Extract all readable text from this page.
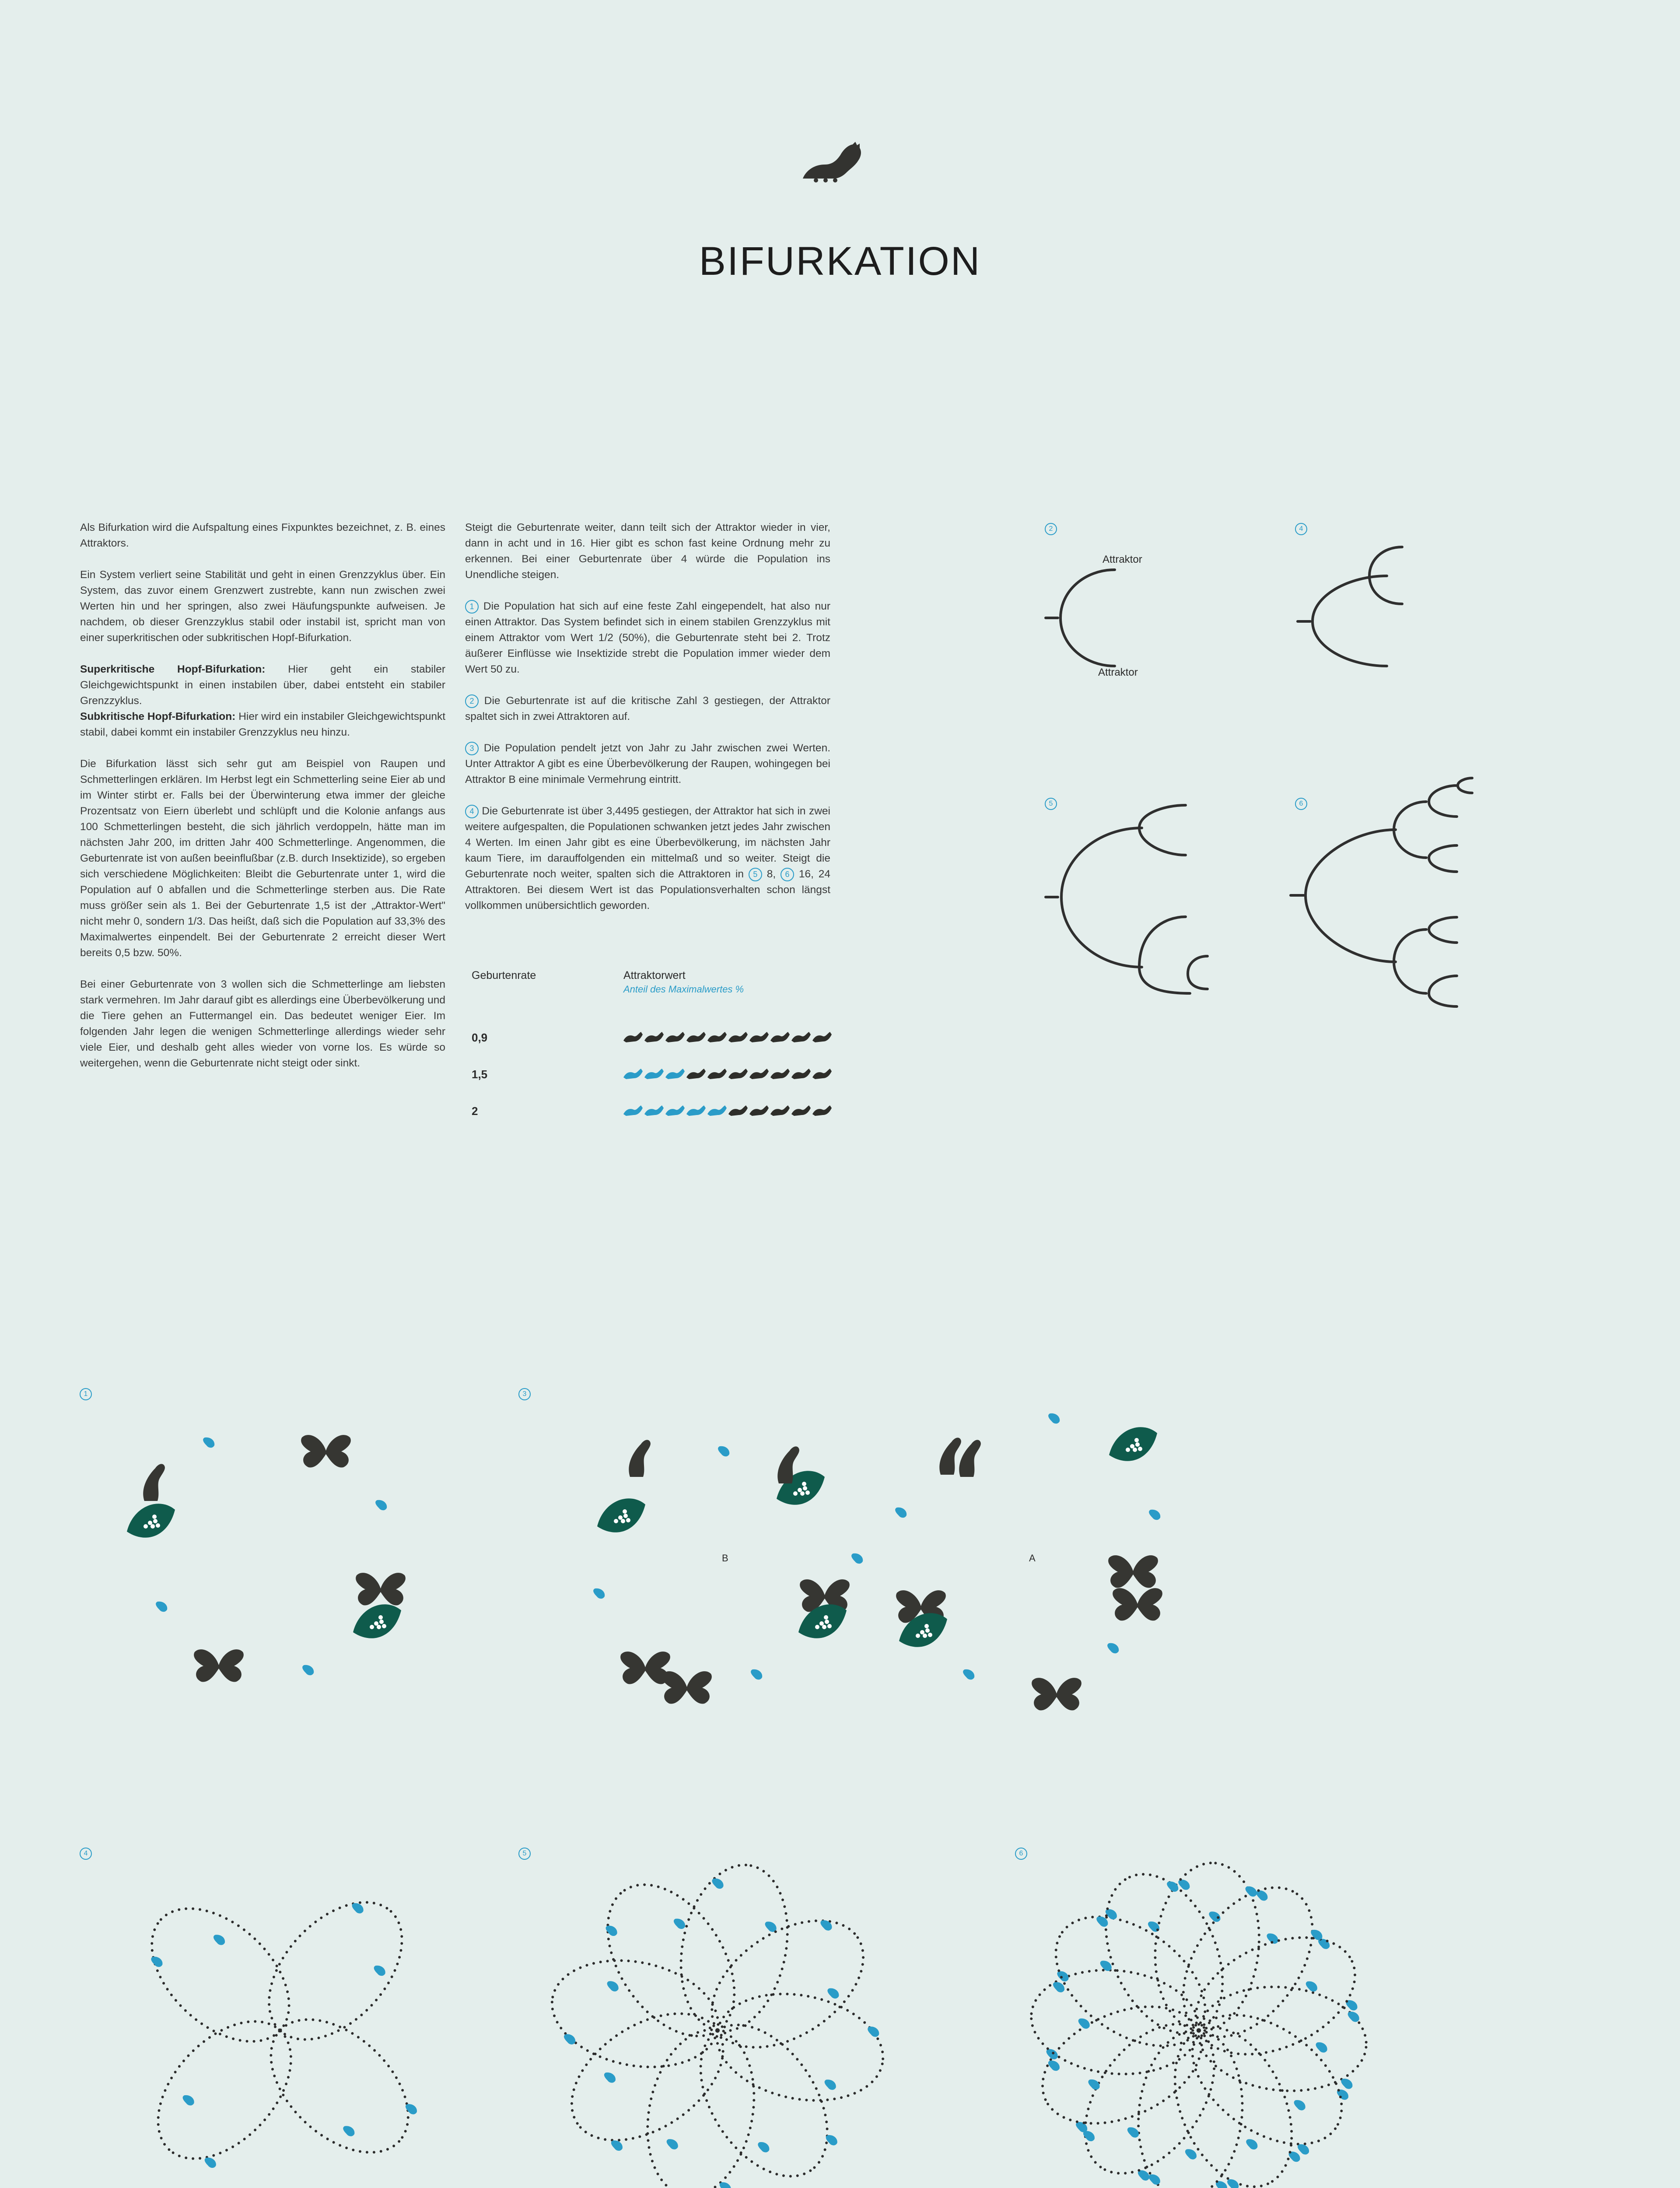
BIFURKATION

Als Bifurkation wird die Aufspaltung eines Fixpunktes bezeichnet, z. B. eines Attraktors.

Ein System verliert seine Stabilität und geht in einen Grenzzyklus über. Ein System, das zuvor einem Grenzwert zustrebte, kann nun zwischen zwei Werten hin und her springen, also zwei Häufungspunkte aufweisen. Je nachdem, ob dieser Grenzzyklus stabil oder instabil ist, spricht man von einer superkritischen oder subkritischen Hopf-Bifurkation.

Superkritische Hopf-Bifurkation: Hier geht ein stabiler Gleichgewichtspunkt in einen instabilen über, dabei entsteht ein stabiler Grenzzyklus.
Subkritische Hopf-Bifurkation: Hier wird ein instabiler Gleichgewichtspunkt stabil, dabei kommt ein instabiler Grenzzyklus neu hinzu.

Die Bifurkation lässt sich sehr gut am Beispiel von Raupen und Schmetterlingen erklären. Im Herbst legt ein Schmetterling seine Eier ab und im Winter stirbt er. Falls bei der Überwinterung etwa immer der gleiche Prozentsatz von Eiern überlebt und schlüpft und die Kolonie anfangs aus 100 Schmetterlingen besteht, die sich jährlich verdoppeln, hätte man im nächsten Jahr 200, im dritten Jahr 400 Schmetterlinge. Angenommen, die Geburtenrate ist von außen beeinflußbar (z.B. durch Insektizide), so ergeben sich verschiedene Möglichkeiten: Bleibt die Geburtenrate unter 1, wird die Population auf 0 abfallen und die Schmetterlinge sterben aus. Die Rate muss größer sein als 1. Bei der Geburtenrate 1,5 ist der „Attraktor-Wert" nicht mehr 0, sondern 1/3. Das heißt, daß sich die Population auf 33,3% des Maximalwertes einpendelt. Bei der Geburtenrate 2 erreicht dieser Wert bereits 0,5 bzw. 50%.

Bei einer Geburtenrate von 3 wollen sich die Schmetterlinge am liebsten stark vermehren. Im Jahr darauf gibt es allerdings eine Überbevölkerung und die Tiere gehen an Futtermangel ein. Das bedeutet weniger Eier. Im folgenden Jahr legen die wenigen Schmetterlinge allerdings wieder sehr viele Eier, und deshalb geht alles wieder von vorne los. Es würde so weitergehen, wenn die Geburtenrate nicht steigt oder sinkt.

Steigt die Geburtenrate weiter, dann teilt sich der Attraktor wieder in vier, dann in acht und in 16. Hier gibt es schon fast keine Ordnung mehr zu erkennen. Bei einer Geburtenrate über 4 würde die Population ins Unendliche steigen.

1 Die Population hat sich auf eine feste Zahl eingependelt, hat also nur einen Attraktor. Das System befindet sich in einem stabilen Grenzzyklus mit einem Attraktor vom Wert 1/2 (50%), die Geburtenrate steht bei 2. Trotz äußerer Einflüsse wie Insektizide strebt die Population immer wieder dem Wert 50 zu.

2 Die Geburtenrate ist auf die kritische Zahl 3 gestiegen, der Attraktor spaltet sich in zwei Attraktoren auf.

3 Die Population pendelt jetzt von Jahr zu Jahr zwischen zwei Werten. Unter Attraktor A gibt es eine Überbevölkerung der Raupen, wohingegen bei Attraktor B eine minimale Vermehrung eintritt.

4 Die Geburtenrate ist über 3,4495 gestiegen, der Attraktor hat sich in zwei weitere aufgespalten, die Populationen schwanken jetzt jedes Jahr zwischen 4 Werten. Im einen Jahr gibt es eine Überbevölkerung, im nächsten Jahr kaum Tiere, im darauffolgenden ein mittelmaß und so weiter. Steigt die Geburtenrate noch weiter, spalten sich die Attraktoren in 5 8, 6 16, 24 Attraktoren. Bei diesem Wert ist das Populationsverhalten schon längst vollkommen unübersichtlich geworden.

Geburtenrate	Attraktorwert
Anteil des Maximalwertes %
0,9
1,5
2
2	4
5	6
Attraktor
Attraktor
1	3
4	5	6
B	A
